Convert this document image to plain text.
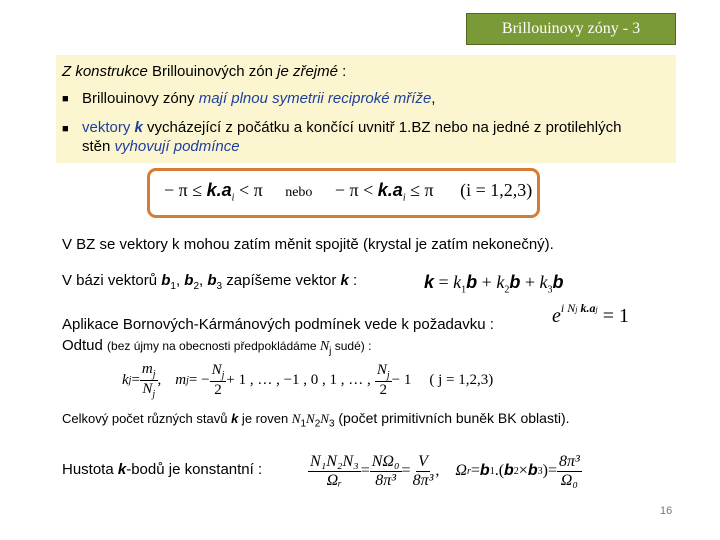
Brillouinovy zóny - 3
Z konstrukce Brillouinových zón je zřejmé :
■ Brillouinovy zóny mají plnou symetrii reciproké mříže,
■ vektory k vycházející z počátku a končící uvnitř 1.BZ nebo na jedné z protilehlých
stěn vyhovují podmínce
− $\pi \le k.a_i < \pi$ nebo − $\pi < k.a_i \le \pi$ (i = 1,2,3)
V BZ se vektory k mohou zatím měnit spojitě (krystal je zatím nekonečný).
V bázi vektorů $b_1$, $b_2$, $b_3$ zapíšeme vektor k :	$k = k_1b + k_2b + k_3b$
Aplikace Bornových-Kármánových podmínek vede k požadavku :	$e^{i Nj k.aj} = 1$
Odtud (bez újmy na obecnosti předpokládáme $N_j$ sudé) :
k $j = \frac{m_j}{N_j}$ , m j = − $\frac{N_j}{2} + 1$ , … , −1 , 0 , 1 , … , $\frac{N_j}{2} - 1$ ( j = 1,2,3)
Celkový počet různých stavů k je roven $N_1N_2N_3$ (počet primitivních buněk BK oblasti).
Hustota k-bodů je konstantní :	$\frac{\text{N₁N₂N₃}}{\text{Ωᵣ}} = \frac{\text{NΩ₀}}{\text{8π³}} = \frac{V}{\text{8π³}}$ , Ω r = b 1 .( b 2 × b 3 ) = $\frac{\text{8π³}}{\text{Ω₀}}$
16
